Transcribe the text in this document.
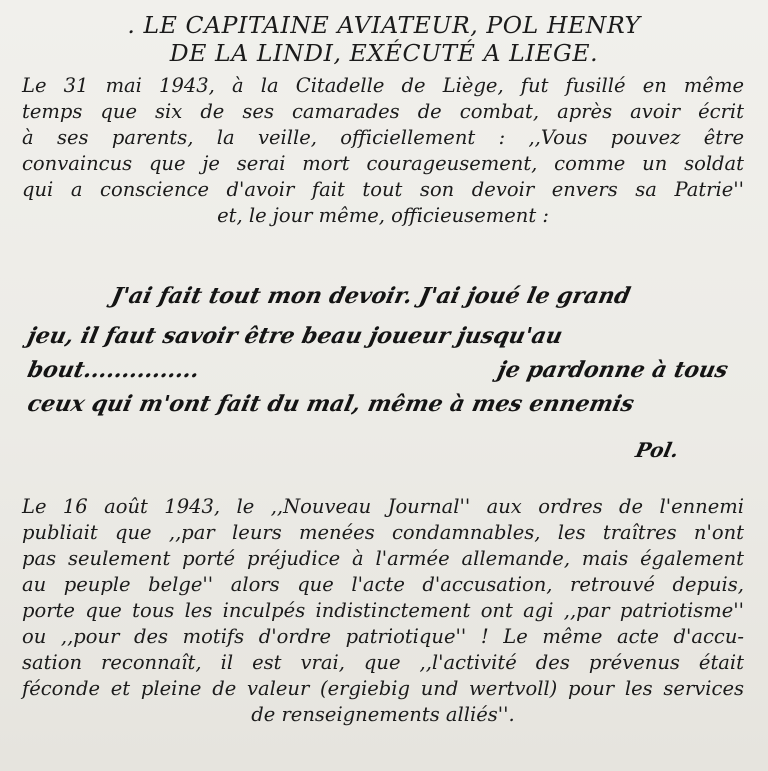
. LE CAPITAINE AVIATEUR, POL HENRY
DE LA LINDI, EXÉCUTÉ A LIEGE.
Le 31 mai 1943, à la Citadelle de Liège, fut fusillé en même
temps que six de ses camarades de combat, après avoir écrit
à ses parents, la veille, officiellement : ,,Vous pouvez être
convaincus que je serai mort courageusement, comme un soldat
qui a conscience d'avoir fait tout son devoir envers sa Patrie''
et, le jour même, officieusement :
J'ai fait tout mon devoir. J'ai joué le grand
jeu, il faut savoir être beau joueur jusqu'au
bout...............	je pardonne à tous
ceux qui m'ont fait du mal, même à mes ennemis
Pol.
Le 16 août 1943, le ,,Nouveau Journal'' aux ordres de l'ennemi
publiait que ,,par leurs menées condamnables, les traîtres n'ont
pas seulement porté préjudice à l'armée allemande, mais également
au peuple belge'' alors que l'acte d'accusation, retrouvé depuis,
porte que tous les inculpés indistinctement ont agi ,,par patriotisme''
ou ,,pour des motifs d'ordre patriotique'' ! Le même acte d'accu-
sation reconnaît, il est vrai, que ,,l'activité des prévenus était
féconde et pleine de valeur (ergiebig und wertvoll) pour les services
de renseignements alliés''.
